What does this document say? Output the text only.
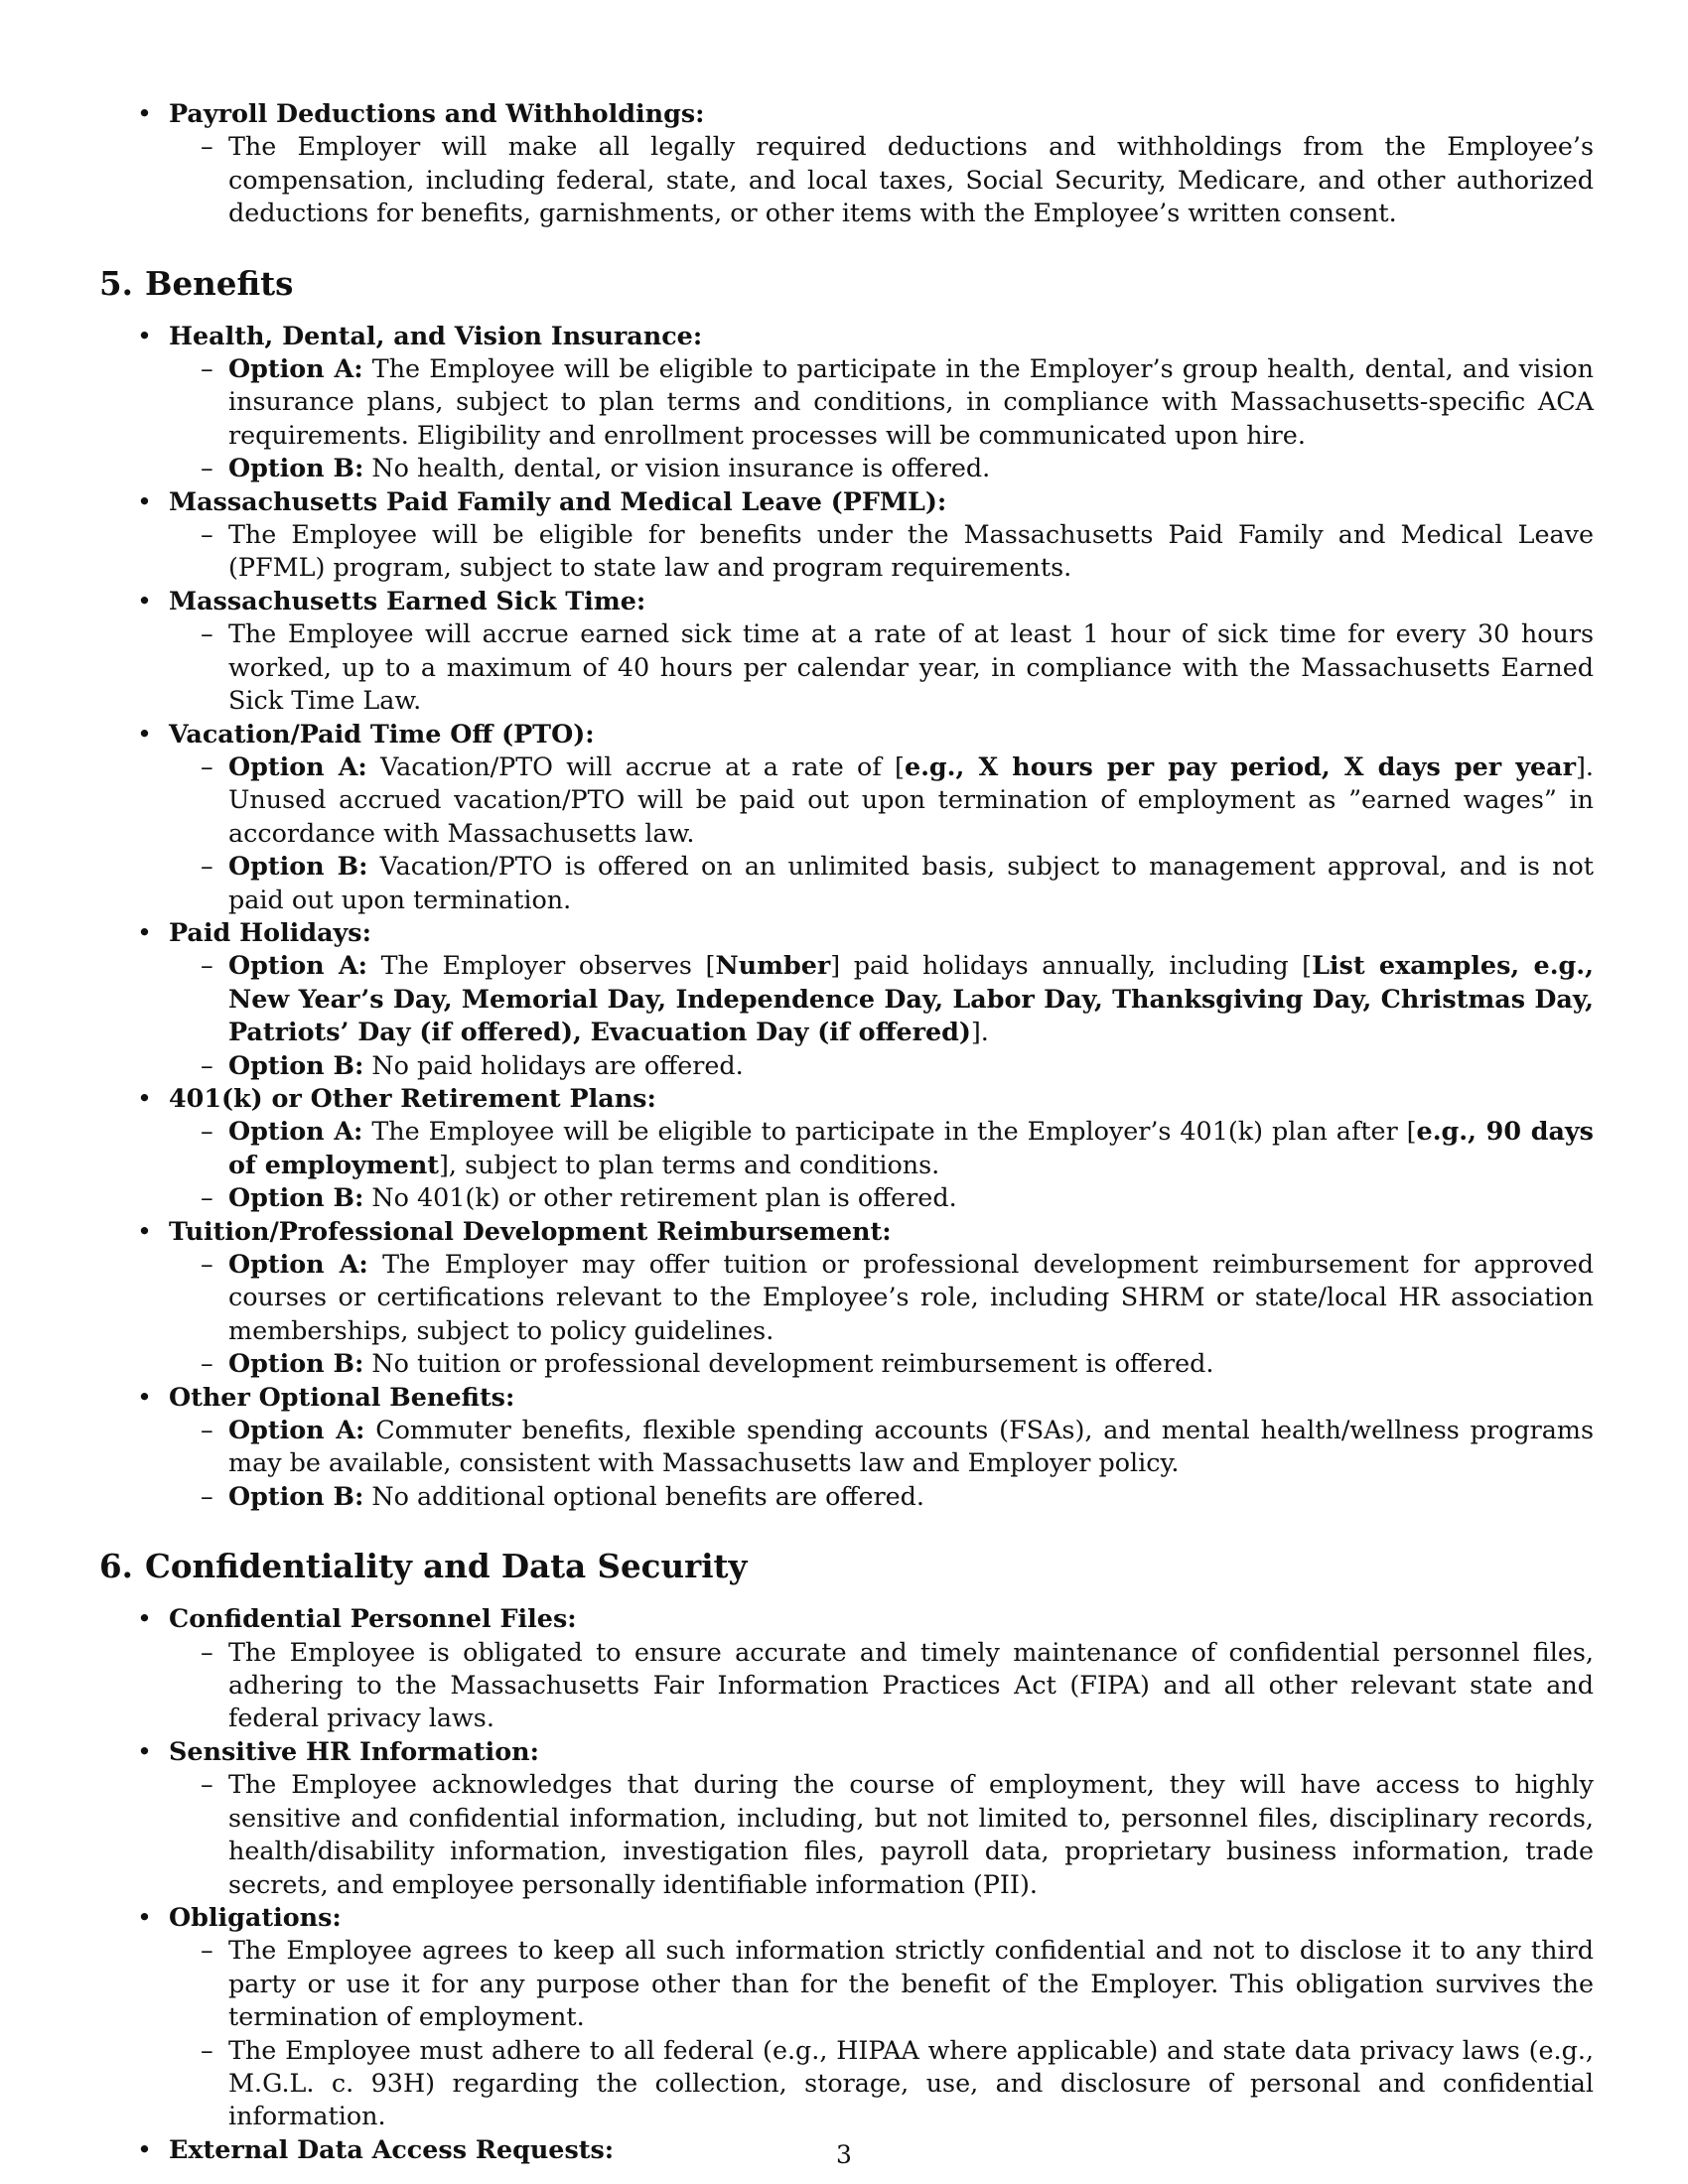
• Payroll Deductions and Withholdings:
– The Employer will make all legally required deductions and withholdings from the Employee’s compensation, including federal, state, and local taxes, Social Security, Medicare, and other authorized deductions for benefits, garnishments, or other items with the Employee’s written consent.
5. Benefits
• Health, Dental, and Vision Insurance:
– Option A: The Employee will be eligible to participate in the Employer’s group health, dental, and vision insurance plans, subject to plan terms and conditions, in compliance with Massachusetts-specific ACA requirements. Eligibility and enrollment processes will be communicated upon hire.
– Option B: No health, dental, or vision insurance is offered.
• Massachusetts Paid Family and Medical Leave (PFML):
– The Employee will be eligible for benefits under the Massachusetts Paid Family and Medical Leave (PFML) program, subject to state law and program requirements.
• Massachusetts Earned Sick Time:
– The Employee will accrue earned sick time at a rate of at least 1 hour of sick time for every 30 hours worked, up to a maximum of 40 hours per calendar year, in compliance with the Massachusetts Earned Sick Time Law.
• Vacation/Paid Time Off (PTO):
– Option A: Vacation/PTO will accrue at a rate of [e.g., X hours per pay period, X days per year]. Unused accrued vacation/PTO will be paid out upon termination of employment as ”earned wages” in accordance with Massachusetts law.
– Option B: Vacation/PTO is offered on an unlimited basis, subject to management approval, and is not paid out upon termination.
• Paid Holidays:
– Option A: The Employer observes [Number] paid holidays annually, including [List examples, e.g., New Year’s Day, Memorial Day, Independence Day, Labor Day, Thanksgiving Day, Christmas Day, Patriots’ Day (if offered), Evacuation Day (if offered)].
– Option B: No paid holidays are offered.
• 401(k) or Other Retirement Plans:
– Option A: The Employee will be eligible to participate in the Employer’s 401(k) plan after [e.g., 90 days of employment], subject to plan terms and conditions.
– Option B: No 401(k) or other retirement plan is offered.
• Tuition/Professional Development Reimbursement:
– Option A: The Employer may offer tuition or professional development reimbursement for approved courses or certifications relevant to the Employee’s role, including SHRM or state/local HR association memberships, subject to policy guidelines.
– Option B: No tuition or professional development reimbursement is offered.
• Other Optional Benefits:
– Option A: Commuter benefits, flexible spending accounts (FSAs), and mental health/wellness programs may be available, consistent with Massachusetts law and Employer policy.
– Option B: No additional optional benefits are offered.
6. Confidentiality and Data Security
• Confidential Personnel Files:
– The Employee is obligated to ensure accurate and timely maintenance of confidential personnel files, adhering to the Massachusetts Fair Information Practices Act (FIPA) and all other relevant state and federal privacy laws.
• Sensitive HR Information:
– The Employee acknowledges that during the course of employment, they will have access to highly sensitive and confidential information, including, but not limited to, personnel files, disciplinary records, health/disability information, investigation files, payroll data, proprietary business information, trade secrets, and employee personally identifiable information (PII).
• Obligations:
– The Employee agrees to keep all such information strictly confidential and not to disclose it to any third party or use it for any purpose other than for the benefit of the Employer. This obligation survives the termination of employment.
– The Employee must adhere to all federal (e.g., HIPAA where applicable) and state data privacy laws (e.g., M.G.L. c. 93H) regarding the collection, storage, use, and disclosure of personal and confidential information.
• External Data Access Requests:	3
